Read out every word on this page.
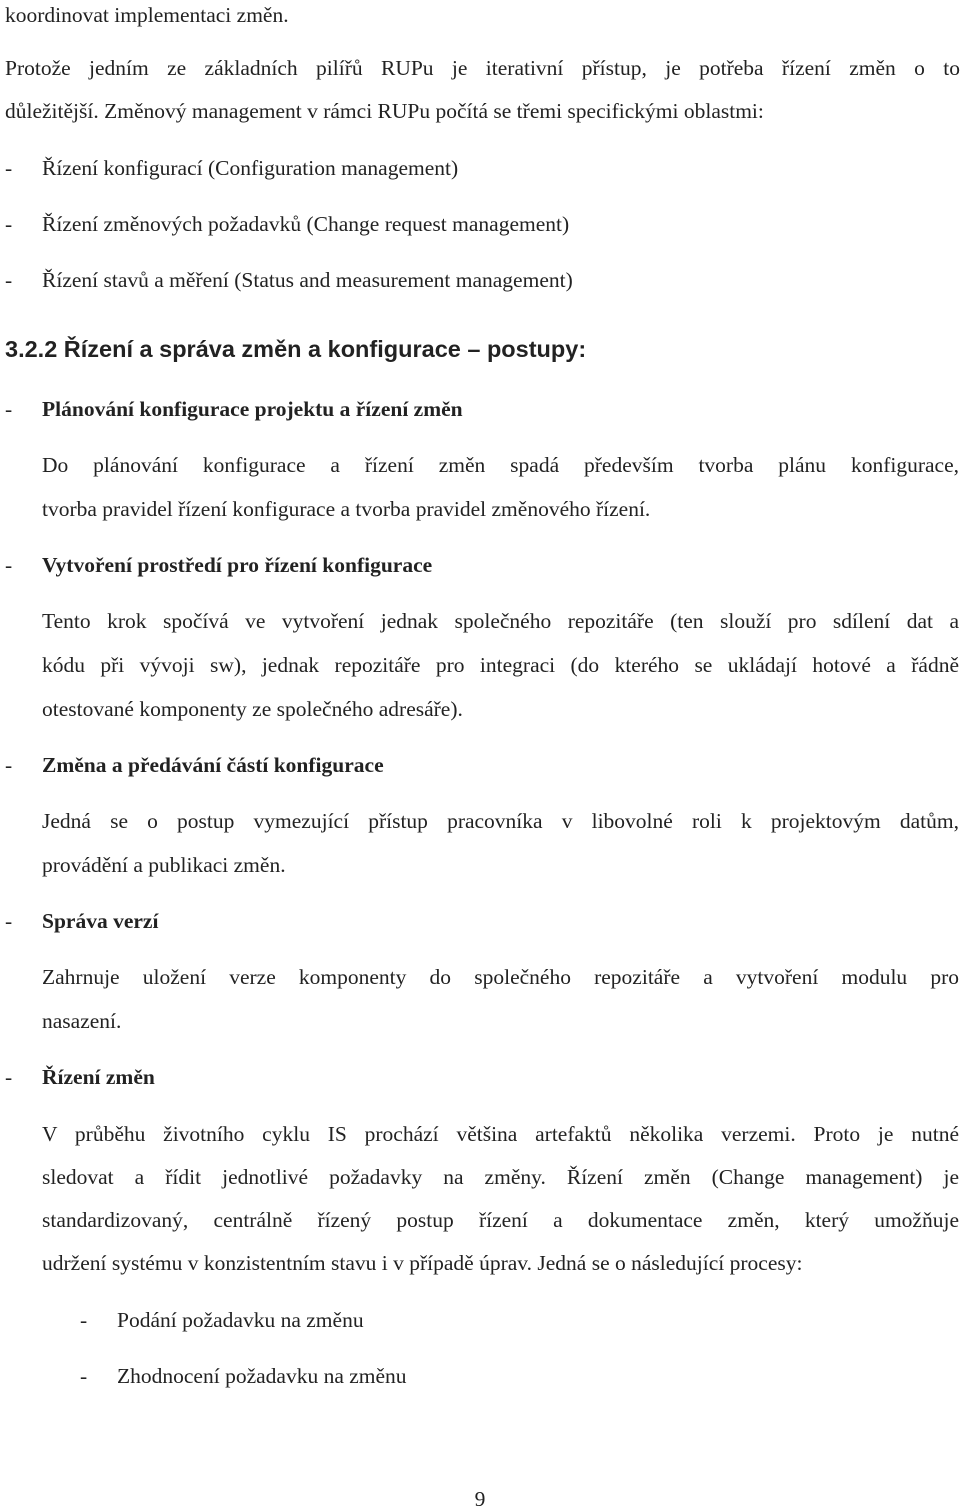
koordinovat implementaci změn.
Protože jedním ze základních pilířů RUPu je iterativní přístup, je potřeba řízení změn o to
důležitější. Změnový management v rámci RUPu počítá se třemi specifickými oblastmi:
- Řízení konfigurací (Configuration management)
- Řízení změnových požadavků (Change request management)
- Řízení stavů a měření (Status and measurement management)
3.2.2 Řízení a správa změn a konfigurace – postupy:
- Plánování konfigurace projektu a řízení změn
Do plánování konfigurace a řízení změn spadá především tvorba plánu konfigurace,
tvorba pravidel řízení konfigurace a tvorba pravidel změnového řízení.
- Vytvoření prostředí pro řízení konfigurace
Tento krok spočívá ve vytvoření jednak společného repozitáře (ten slouží pro sdílení dat a
kódu při vývoji sw), jednak repozitáře pro integraci (do kterého se ukládají hotové a řádně
otestované komponenty ze společného adresáře).
- Změna a předávání částí konfigurace
Jedná se o postup vymezující přístup pracovníka v libovolné roli k projektovým datům,
provádění a publikaci změn.
- Správa verzí
Zahrnuje uložení verze komponenty do společného repozitáře a vytvoření modulu pro
nasazení.
- Řízení změn
V průběhu životního cyklu IS prochází většina artefaktů několika verzemi. Proto je nutné
sledovat a řídit jednotlivé požadavky na změny. Řízení změn (Change management) je
standardizovaný, centrálně řízený postup řízení a dokumentace změn, který umožňuje
udržení systému v konzistentním stavu i v případě úprav. Jedná se o následující procesy:
- Podání požadavku na změnu
- Zhodnocení požadavku na změnu
9
